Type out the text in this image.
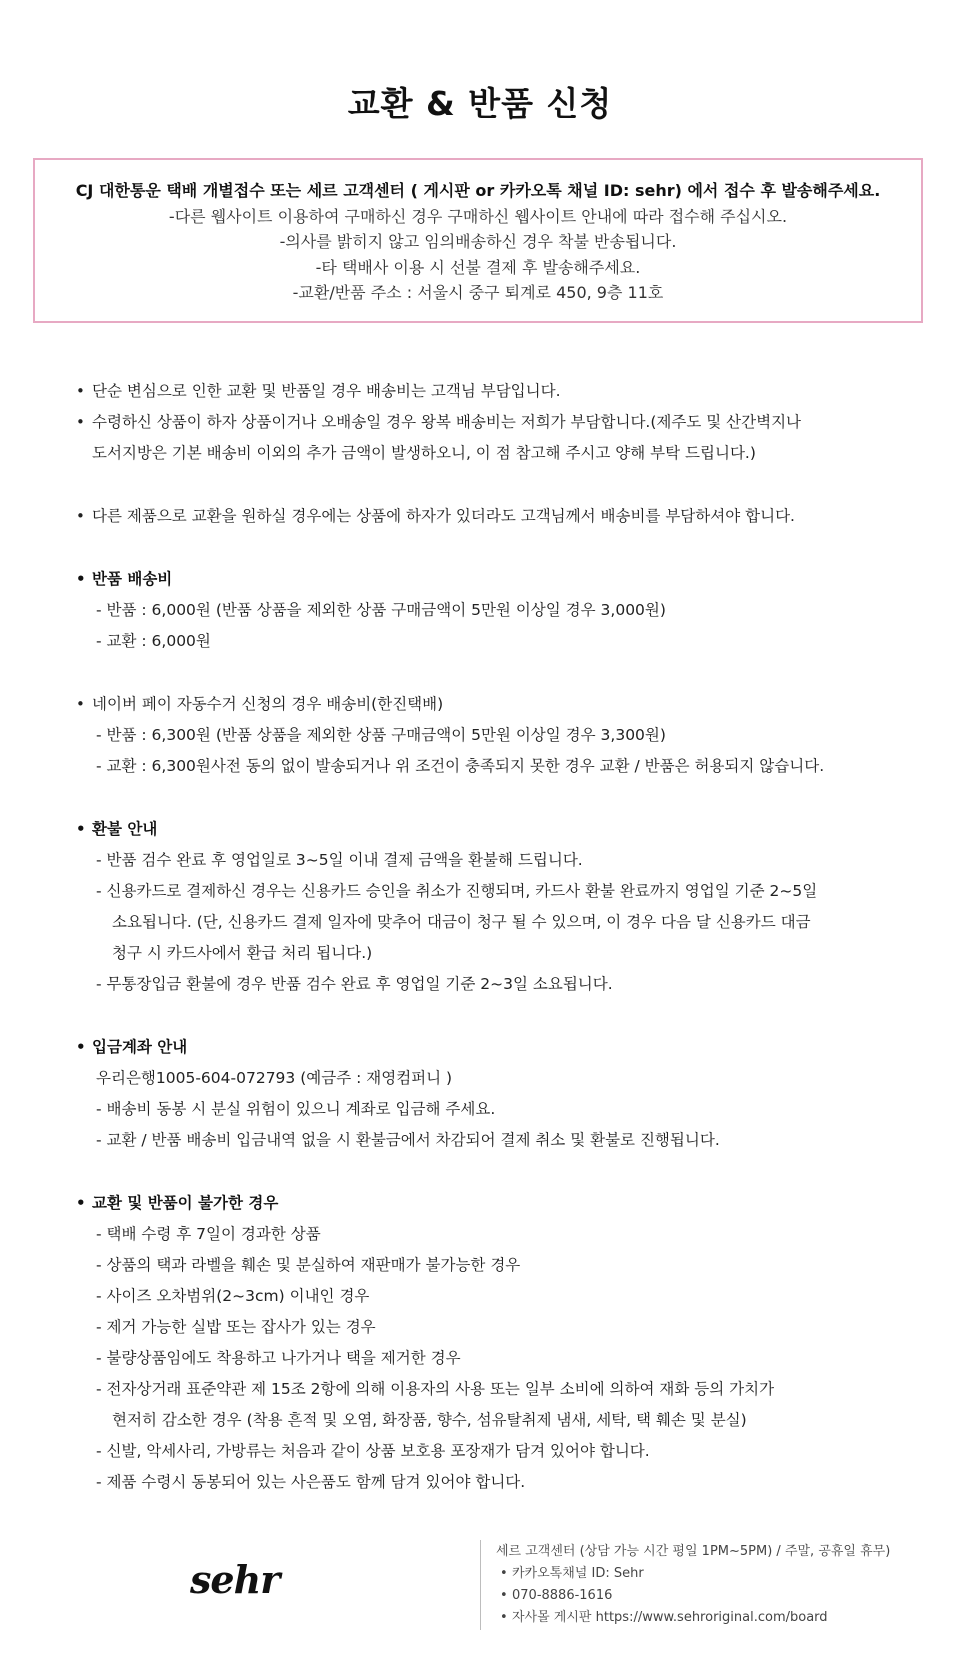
교환 & 반품 신청
CJ 대한통운 택배 개별접수 또는 세르 고객센터 ( 게시판 or 카카오톡 채널 ID: sehr) 에서 접수 후 발송해주세요.
-다른 웹사이트 이용하여 구매하신 경우 구매하신 웹사이트 안내에 따라 접수해 주십시오.
-의사를 밝히지 않고 임의배송하신 경우 착불 반송됩니다.
-타 택배사 이용 시 선불 결제 후 발송해주세요.
-교환/반품 주소 : 서울시 중구 퇴계로 450, 9층 11호
• 단순 변심으로 인한 교환 및 반품일 경우 배송비는 고객님 부담입니다.
• 수령하신 상품이 하자 상품이거나 오배송일 경우 왕복 배송비는 저희가 부담합니다.(제주도 및 산간벽지나
도서지방은 기본 배송비 이외의 추가 금액이 발생하오니, 이 점 참고해 주시고 양해 부탁 드립니다.)
• 다른 제품으로 교환을 원하실 경우에는 상품에 하자가 있더라도 고객님께서 배송비를 부담하셔야 합니다.
• 반품 배송비
- 반품 : 6,000원 (반품 상품을 제외한 상품 구매금액이 5만원 이상일 경우 3,000원)
- 교환 : 6,000원
• 네이버 페이 자동수거 신청의 경우 배송비(한진택배)
- 반품 : 6,300원 (반품 상품을 제외한 상품 구매금액이 5만원 이상일 경우 3,300원)
- 교환 : 6,300원사전 동의 없이 발송되거나 위 조건이 충족되지 못한 경우 교환 / 반품은 허용되지 않습니다.
• 환불 안내
- 반품 검수 완료 후 영업일로 3~5일 이내 결제 금액을 환불해 드립니다.
- 신용카드로 결제하신 경우는 신용카드 승인을 취소가 진행되며, 카드사 환불 완료까지 영업일 기준 2~5일
소요됩니다. (단, 신용카드 결제 일자에 맞추어 대금이 청구 될 수 있으며, 이 경우 다음 달 신용카드 대금
청구 시 카드사에서 환급 처리 됩니다.)
- 무통장입금 환불에 경우 반품 검수 완료 후 영업일 기준 2~3일 소요됩니다.
• 입금계좌 안내
우리은행1005-604-072793 (예금주 : 재영컴퍼니 )
- 배송비 동봉 시 분실 위험이 있으니 계좌로 입금해 주세요.
- 교환 / 반품 배송비 입금내역 없을 시 환불금에서 차감되어 결제 취소 및 환불로 진행됩니다.
• 교환 및 반품이 불가한 경우
- 택배 수령 후 7일이 경과한 상품
- 상품의 택과 라벨을 훼손 및 분실하여 재판매가 불가능한 경우
- 사이즈 오차범위(2~3cm) 이내인 경우
- 제거 가능한 실밥 또는 잡사가 있는 경우
- 불량상품임에도 착용하고 나가거나 택을 제거한 경우
- 전자상거래 표준약관 제 15조 2항에 의해 이용자의 사용 또는 일부 소비에 의하여 재화 등의 가치가
현저히 감소한 경우 (착용 흔적 및 오염, 화장품, 향수, 섬유탈취제 냄새, 세탁, 택 훼손 및 분실)
- 신발, 악세사리, 가방류는 처음과 같이 상품 보호용 포장재가 담겨 있어야 합니다.
- 제품 수령시 동봉되어 있는 사은품도 함께 담겨 있어야 합니다.
sehr
세르 고객센터 (상담 가능 시간 평일 1PM~5PM) / 주말, 공휴일 휴무)
• 카카오톡채널 ID: Sehr
• 070-8886-1616
• 자사몰 게시판 https://www.sehroriginal.com/board
